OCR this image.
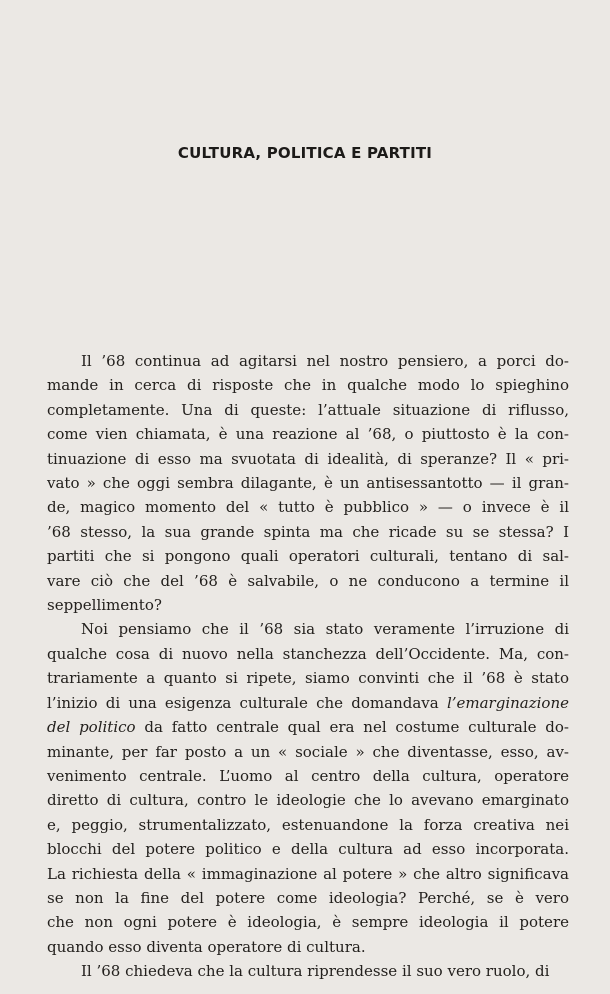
CULTURA, POLITICA E PARTITI
Il ’68 continua ad agitarsi nel nostro pensiero, a porci do-
mande in cerca di risposte che in qualche modo lo spieghino
completamente. Una di queste: l’attuale situazione di riflusso,
come vien chiamata, è una reazione al ’68, o piuttosto è la con-
tinuazione di esso ma svuotata di idealità, di speranze? Il « pri-
vato » che oggi sembra dilagante, è un antisessantotto — il gran-
de, magico momento del « tutto è pubblico » — o invece è il
’68 stesso, la sua grande spinta ma che ricade su se stessa? I
partiti che si pongono quali operatori culturali, tentano di sal-
vare ciò che del ’68 è salvabile, o ne conducono a termine il
seppellimento?
Noi pensiamo che il ’68 sia stato veramente l’irruzione di
qualche cosa di nuovo nella stanchezza dell’Occidente. Ma, con-
trariamente a quanto si ripete, siamo convinti che il ’68 è stato
l’inizio di una esigenza culturale che domandava l’emarginazione
del politico da fatto centrale qual era nel costume culturale do-
minante, per far posto a un « sociale » che diventasse, esso, av-
venimento centrale. L’uomo al centro della cultura, operatore
diretto di cultura, contro le ideologie che lo avevano emarginato
e, peggio, strumentalizzato, estenuandone la forza creativa nei
blocchi del potere politico e della cultura ad esso incorporata.
La richiesta della « immaginazione al potere » che altro significava
se non la fine del potere come ideologia? Perché, se è vero
che non ogni potere è ideologia, è sempre ideologia il potere
quando esso diventa operatore di cultura.
Il ’68 chiedeva che la cultura riprendesse il suo vero ruolo, di
